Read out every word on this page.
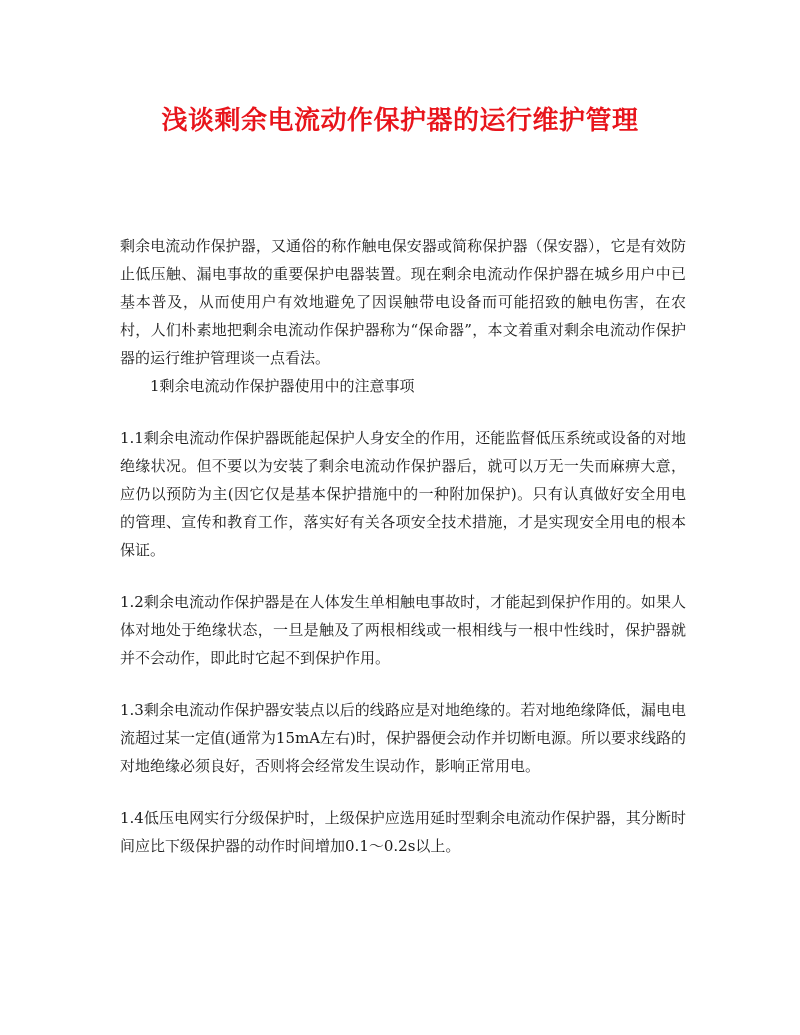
浅谈剩余电流动作保护器的运行维护管理

剩余电流动作保护器，又通俗的称作触电保安器或简称保护器（保安器），它是有效防止低压触、漏电事故的重要保护电器装置。现在剩余电流动作保护器在城乡用户中已基本普及，从而使用户有效地避免了因误触带电设备而可能招致的触电伤害，在农村，人们朴素地把剩余电流动作保护器称为“保命器”，本文着重对剩余电流动作保护器的运行维护管理谈一点看法。

1剩余电流动作保护器使用中的注意事项

1.1剩余电流动作保护器既能起保护人身安全的作用，还能监督低压系统或设备的对地绝缘状况。但不要以为安装了剩余电流动作保护器后，就可以万无一失而麻痹大意，应仍以预防为主(因它仅是基本保护措施中的一种附加保护)。只有认真做好安全用电的管理、宣传和教育工作，落实好有关各项安全技术措施，才是实现安全用电的根本保证。

1.2剩余电流动作保护器是在人体发生单相触电事故时，才能起到保护作用的。如果人体对地处于绝缘状态，一旦是触及了两根相线或一根相线与一根中性线时，保护器就并不会动作，即此时它起不到保护作用。

1.3剩余电流动作保护器安装点以后的线路应是对地绝缘的。若对地绝缘降低，漏电电流超过某一定值(通常为15mA左右)时，保护器便会动作并切断电源。所以要求线路的对地绝缘必须良好，否则将会经常发生误动作，影响正常用电。

1.4低压电网实行分级保护时，上级保护应选用延时型剩余电流动作保护器，其分断时间应比下级保护器的动作时间增加0.1～0.2s以上。
